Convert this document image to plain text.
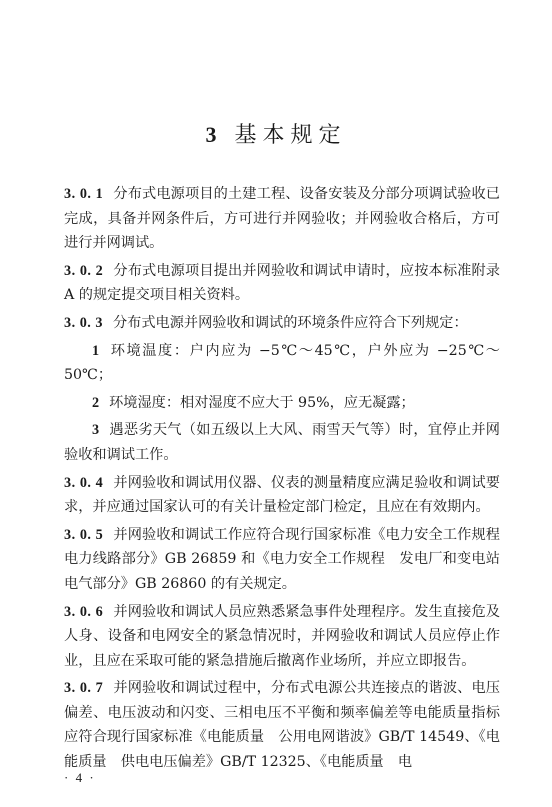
3 基本规定

3. 0. 1 分布式电源项目的土建工程、设备安装及分部分项调试验收已完成，具备并网条件后，方可进行并网验收；并网验收合格后，方可进行并网调试。

3. 0. 2 分布式电源项目提出并网验收和调试申请时，应按本标准附录 A 的规定提交项目相关资料。

3. 0. 3 分布式电源并网验收和调试的环境条件应符合下列规定：

1 环境温度：户内应为 −5℃～45℃，户外应为 −25℃～50℃；

2 环境湿度：相对湿度不应大于 95%，应无凝露；

3 遇恶劣天气（如五级以上大风、雨雪天气等）时，宜停止并网验收和调试工作。

3. 0. 4 并网验收和调试用仪器、仪表的测量精度应满足验收和调试要求，并应通过国家认可的有关计量检定部门检定，且应在有效期内。

3. 0. 5 并网验收和调试工作应符合现行国家标准《电力安全工作规程　电力线路部分》GB 26859 和《电力安全工作规程　发电厂和变电站电气部分》GB 26860 的有关规定。

3. 0. 6 并网验收和调试人员应熟悉紧急事件处理程序。发生直接危及人身、设备和电网安全的紧急情况时，并网验收和调试人员应停止作业，且应在采取可能的紧急措施后撤离作业场所，并应立即报告。

3. 0. 7 并网验收和调试过程中，分布式电源公共连接点的谐波、电压偏差、电压波动和闪变、三相电压不平衡和频率偏差等电能质量指标应符合现行国家标准《电能质量　公用电网谐波》GB/T 14549、《电能质量　供电电压偏差》GB/T 12325、《电能质量　电

· 4 ·
